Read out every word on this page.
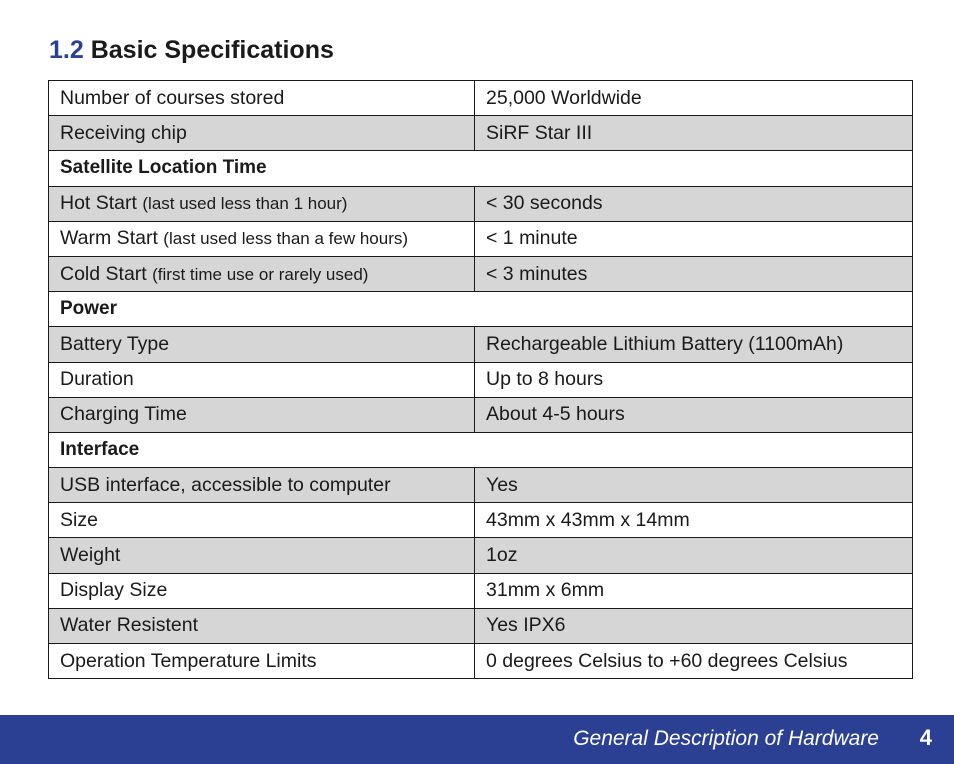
1.2 Basic Specifications
Number of courses stored	25,000 Worldwide
Receiving chip	SiRF Star III
Satellite Location Time	
Hot Start (last used less than 1 hour)	< 30 seconds
Warm Start (last used less than a few hours)	< 1 minute
Cold Start (first time use or rarely used)	< 3 minutes
Power	
Battery Type	Rechargeable Lithium Battery (1100mAh)
Duration	Up to 8 hours
Charging Time	About 4-5 hours
Interface	
USB interface, accessible to computer	Yes
Size	43mm x 43mm x 14mm
Weight	1oz
Display Size	31mm x 6mm
Water Resistent	Yes IPX6
Operation Temperature Limits	0 degrees Celsius to +60 degrees Celsius
General Description of Hardware 4
